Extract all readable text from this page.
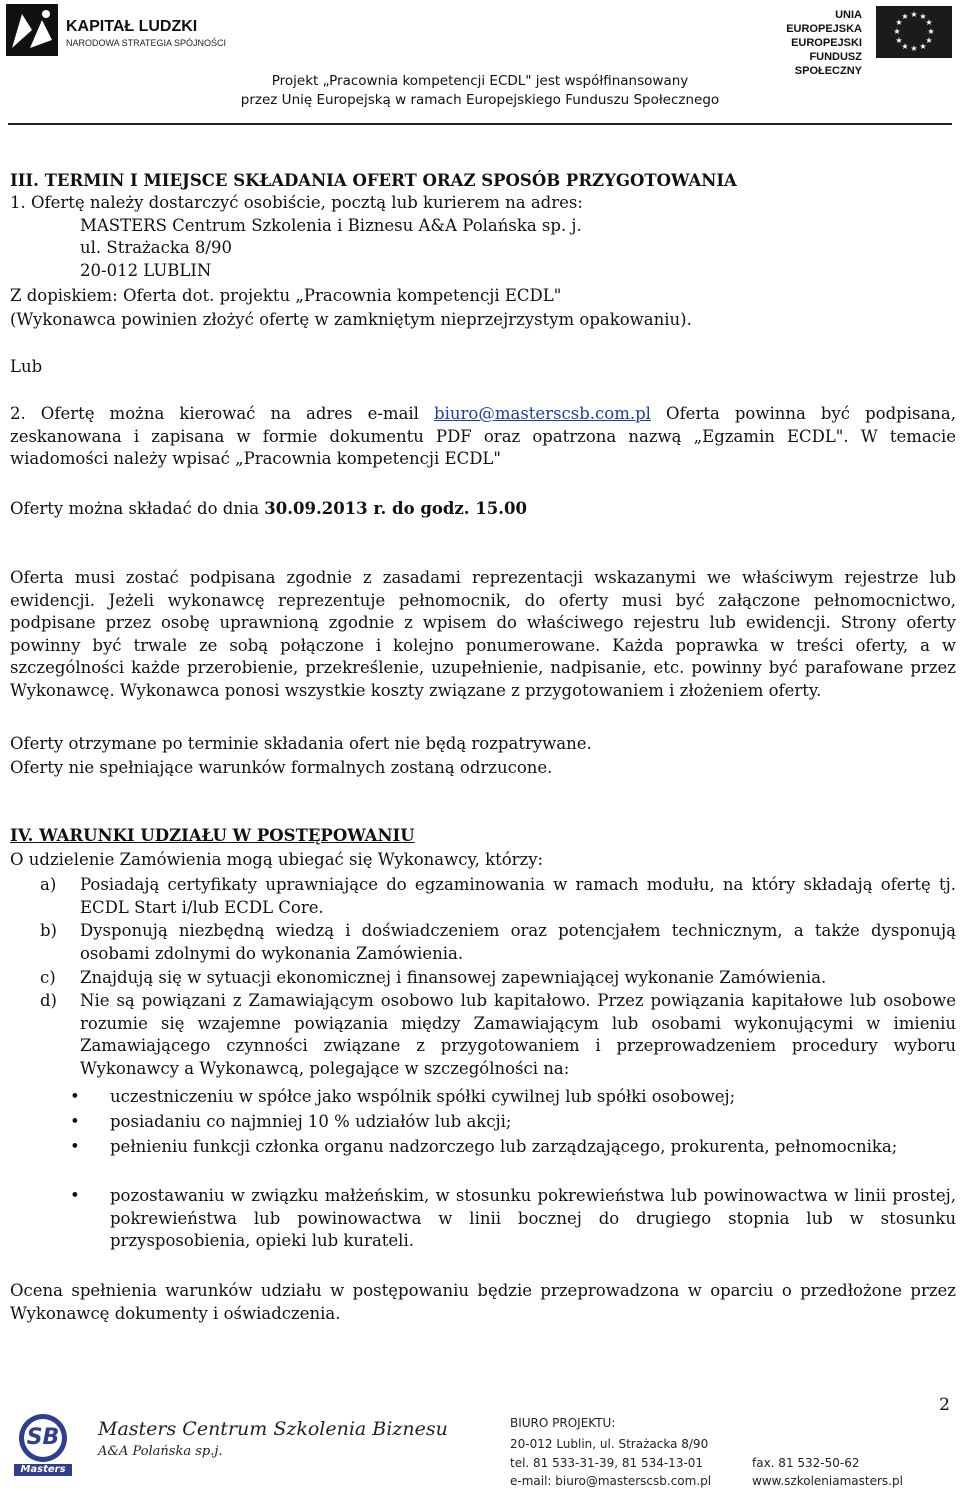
KAPITAŁ LUDZKI
NARODOWA STRATEGIA SPÓJNOŚCI
UNIA EUROPEJSKA
EUROPEJSKI
FUNDUSZ SPOŁECZNY
★ ★
★
★
★
★
★
★
★
★
★
★
Projekt „Pracownia kompetencji ECDL" jest współfinansowany
przez Unię Europejską w ramach Europejskiego Funduszu Społecznego
III. TERMIN I MIEJSCE SKŁADANIA OFERT ORAZ SPOSÓB PRZYGOTOWANIA
1. Ofertę należy dostarczyć osobiście, pocztą lub kurierem na adres:
MASTERS Centrum Szkolenia i Biznesu A&A Polańska sp. j.
ul. Strażacka 8/90
20-012 LUBLIN
Z dopiskiem: Oferta dot. projektu „Pracownia kompetencji ECDL"
(Wykonawca powinien złożyć ofertę w zamkniętym nieprzejrzystym opakowaniu).
Lub
2. Ofertę można kierować na adres e-mail biuro@masterscsb.com.pl Oferta powinna być podpisana, zeskanowana i zapisana w formie dokumentu PDF oraz opatrzona nazwą „Egzamin ECDL". W temacie wiadomości należy wpisać „Pracownia kompetencji ECDL"
Oferty można składać do dnia 30.09.2013 r. do godz. 15.00
Oferta musi zostać podpisana zgodnie z zasadami reprezentacji wskazanymi we właściwym rejestrze lub ewidencji. Jeżeli wykonawcę reprezentuje pełnomocnik, do oferty musi być załączone pełnomocnictwo, podpisane przez osobę uprawnioną zgodnie z wpisem do właściwego rejestru lub ewidencji. Strony oferty powinny być trwale ze sobą połączone i kolejno ponumerowane. Każda poprawka w treści oferty, a w szczególności każde przerobienie, przekreślenie, uzupełnienie, nadpisanie, etc. powinny być parafowane przez Wykonawcę. Wykonawca ponosi wszystkie koszty związane z przygotowaniem i złożeniem oferty.
Oferty otrzymane po terminie składania ofert nie będą rozpatrywane.
Oferty nie spełniające warunków formalnych zostaną odrzucone.
IV. WARUNKI UDZIAŁU W POSTĘPOWANIU
O udzielenie Zamówienia mogą ubiegać się Wykonawcy, którzy:
a)	Posiadają certyfikaty uprawniające do egzaminowania w ramach modułu, na który składają ofertę tj. ECDL Start i/lub ECDL Core.
b)	Dysponują niezbędną wiedzą i doświadczeniem oraz potencjałem technicznym, a także dysponują osobami zdolnymi do wykonania Zamówienia.
c)	Znajdują się w sytuacji ekonomicznej i finansowej zapewniającej wykonanie Zamówienia.
d)	Nie są powiązani z Zamawiającym osobowo lub kapitałowo. Przez powiązania kapitałowe lub osobowe rozumie się wzajemne powiązania między Zamawiającym lub osobami wykonującymi w imieniu Zamawiającego czynności związane z przygotowaniem i przeprowadzeniem procedury wyboru Wykonawcy a Wykonawcą, polegające w szczególności na:
•	uczestniczeniu w spółce jako wspólnik spółki cywilnej lub spółki osobowej;
•	posiadaniu co najmniej 10 % udziałów lub akcji;
•	pełnieniu funkcji członka organu nadzorczego lub zarządzającego, prokurenta, pełnomocnika;
•	pozostawaniu w związku małżeńskim, w stosunku pokrewieństwa lub powinowactwa w linii prostej, pokrewieństwa lub powinowactwa w linii bocznej do drugiego stopnia lub w stosunku przysposobienia, opieki lub kurateli.
Ocena spełnienia warunków udziału w postępowaniu będzie przeprowadzona w oparciu o przedłożone przez Wykonawcę dokumenty i oświadczenia.
2
SB
Masters
Masters Centrum Szkolenia Biznesu
A&A Polańska sp.j.
BIURO PROJEKTU:
20-012 Lublin, ul. Strażacka 8/90
tel. 81 533-31-39, 81 534-13-01	fax. 81 532-50-62
e-mail: biuro@masterscsb.com.pl	www.szkoleniamasters.pl
